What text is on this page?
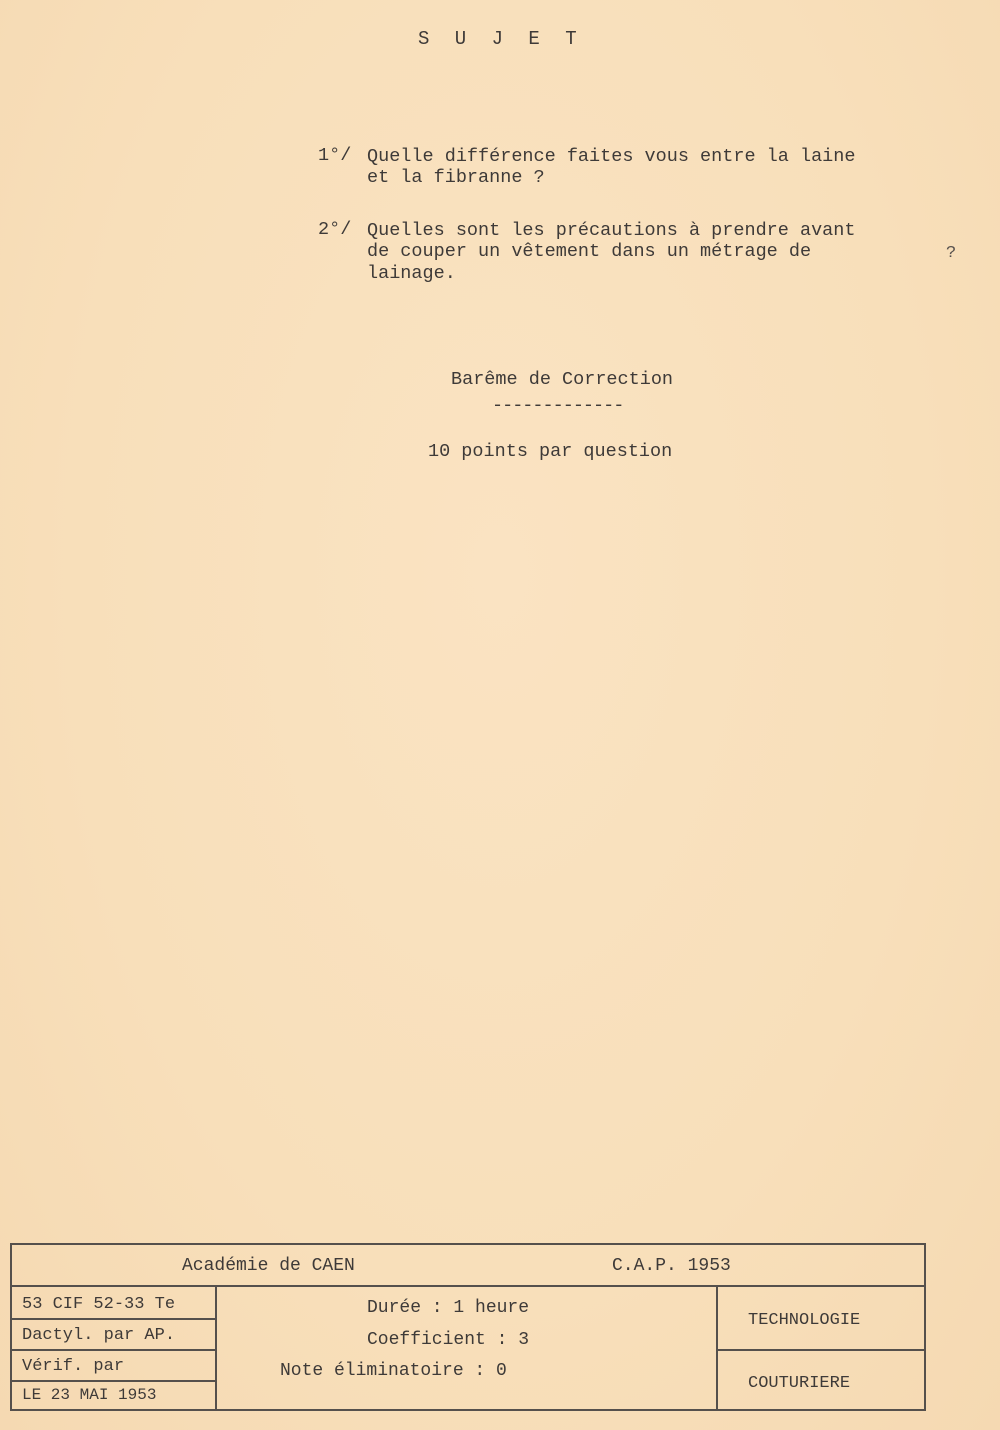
S U J E T
1°/ Quelle différence faites vous entre la laine
et la fibranne ?
2°/ Quelles sont les précautions à prendre avant
de couper un vêtement dans un métrage de
lainage.
?
Barême de Correction
-------------
10 points par question
Académie de CAEN	C.A.P. 1953
53 CIF 52-33 Te
Dactyl. par AP.
Vérif. par
LE 23 MAI 1953
Durée : 1 heure
Coefficient : 3
Note éliminatoire : 0
TECHNOLOGIE
COUTURIERE
